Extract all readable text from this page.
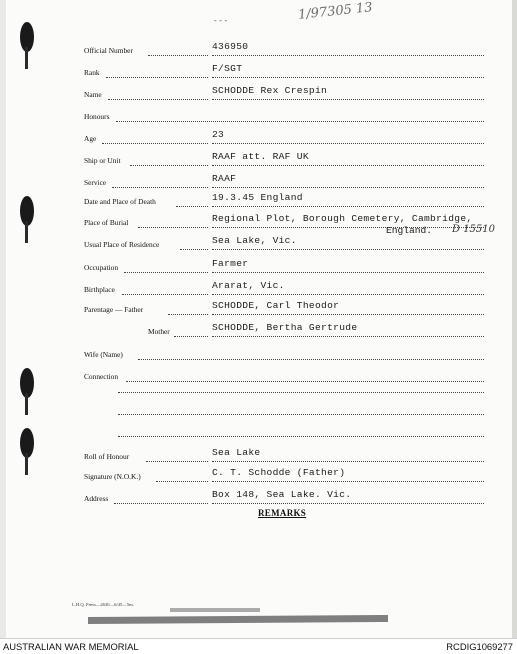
1/97305 13
- - -
Official Number	436950
Rank	F/SGT
Name	SCHODDE Rex Crespin
Honours
Age	23
Ship or Unit	RAAF att. RAF UK
Service	RAAF
Date and Place of Death	19.3.45 England
Place of Burial	Regional Plot, Borough Cemetery, Cambridge,
England. D 15510
Usual Place of Residence	Sea Lake, Vic.
Occupation	Farmer
Birthplace	Ararat, Vic.
Parentage — Father	SCHODDE, Carl Theodor
Mother	SCHODDE, Bertha Gertrude
Wife (Name)
Connection
Roll of Honour	Sea Lake
Signature (N.O.K.)	C. T. Schodde (Father)
Address	Box 148, Sea Lake. Vic.
REMARKS
L.H.Q. Press—2630—6/45—5m.
AUSTRALIAN WAR MEMORIAL	RCDIG1069277
